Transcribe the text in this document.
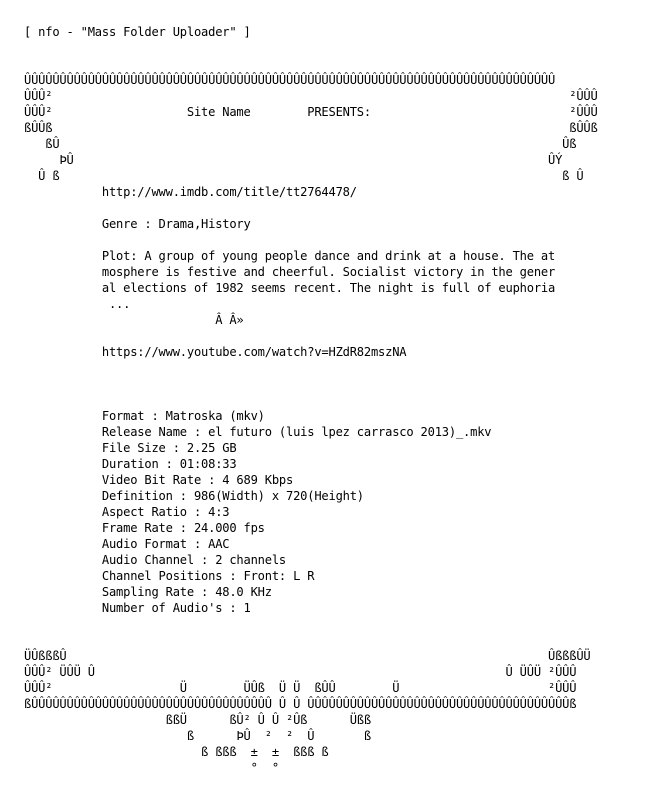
[ nfo - "Mass Folder Uploader" ]
ÛÛÛÛÛÛÛÛÛÛÛÛÛÛÛÛÛÛÛÛÛÛÛÛÛÛÛÛÛÛÛÛÛÛÛÛÛÛÛÛÛÛÛÛÛÛÛÛÛÛÛÛÛÛÛÛÛÛÛÛÛÛÛÛÛÛÛÛÛÛÛÛÛÛÛ
ÛÛÛ²                                                                         ²ÛÛÛ
ÛÛÛ²                   Site Name        PRESENTS:                            ²ÛÛÛ
ßÛÛß                                                                         ßÛÛß
ßÛ                                                                       Ûß
ÞÛ                                                                   ÛÝ
Û ß                                                                       ß Û
http://www.imdb.com/title/tt2764478/
Genre : Drama,History
Plot: A group of young people dance and drink at a house. The at
mosphere is festive and cheerful. Socialist victory in the gener
al elections of 1982 seems recent. The night is full of euphoria
...
Â Â»
https://www.youtube.com/watch?v=HZdR82mszNA
Format : Matroska (mkv)
Release Name : el futuro (luis lpez carrasco 2013)_.mkv
File Size : 2.25 GB
Duration : 01:08:33
Video Bit Rate : 4 689 Kbps
Definition : 986(Width) x 720(Height)
Aspect Ratio : 4:3
Frame Rate : 24.000 fps
Audio Format : AAC
Audio Channel : 2 channels
Channel Positions : Front: L R
Sampling Rate : 48.0 KHz
Number of Audio's : 1
ÜÛßßßÛ                                                                    ÛßßßÛÜ
ÛÛÛ² ÜÛÜ Û                                                          Û ÜÛÜ ²ÛÛÛ
ÛÛÛ²                  Ü        ÜÛß  Ü Ü  ßÛÛ        Ü                     ²ÛÛÛ
ßÛÛÛÛÛÛÛÛÛÛÛÛÛÛÛÛÛÛÛÛÛÛÛÛÛÛÛÛÛÛÛÛÛÛ Û Û ÛÛÛÛÛÛÛÛÛÛÛÛÛÛÛÛÛÛÛÛÛÛÛÛÛÛÛÛÛÛÛÛÛÛÛÛÛß
ßßÜ      ßÛ² Û Û ²Ûß      Üßß
ß      ÞÛ  ²  ²  Û       ß
ß ßßß  ±  ±  ßßß ß
°  °
